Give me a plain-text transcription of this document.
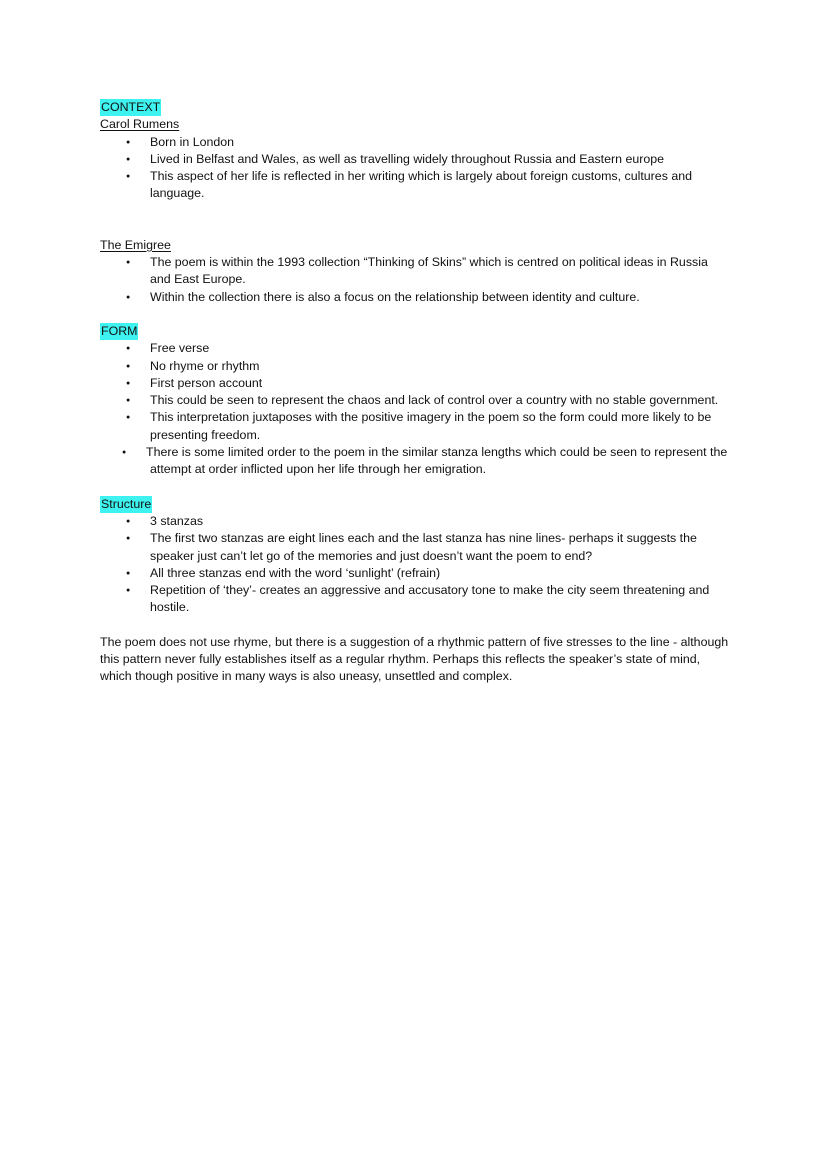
CONTEXT
Carol Rumens
● Born in London
● Lived in Belfast and Wales, as well as travelling widely throughout Russia and Eastern europe
● This aspect of her life is reflected in her writing which is largely about foreign customs, cultures and language.
The Emigree
● The poem is within the 1993 collection “Thinking of Skins” which is centred on political ideas in Russia and East Europe.
● Within the collection there is also a focus on the relationship between identity and culture.
FORM
● Free verse
● No rhyme or rhythm
● First person account
● This could be seen to represent the chaos and lack of control over a country with no stable government.
● This interpretation juxtaposes with the positive imagery in the poem so the form could more likely to be presenting freedom.
● There is some limited order to the poem in the similar stanza lengths which could be seen to represent the attempt at order inflicted upon her life through her emigration.
Structure
● 3 stanzas
● The first two stanzas are eight lines each and the last stanza has nine lines- perhaps it suggests the speaker just can’t let go of the memories and just doesn’t want the poem to end?
● All three stanzas end with the word ‘sunlight’ (refrain)
● Repetition of ‘they’- creates an aggressive and accusatory tone to make the city seem threatening and hostile.

The poem does not use rhyme, but there is a suggestion of a rhythmic pattern of five stresses to the line - although this pattern never fully establishes itself as a regular rhythm. Perhaps this reflects the speaker’s state of mind, which though positive in many ways is also uneasy, unsettled and complex.
